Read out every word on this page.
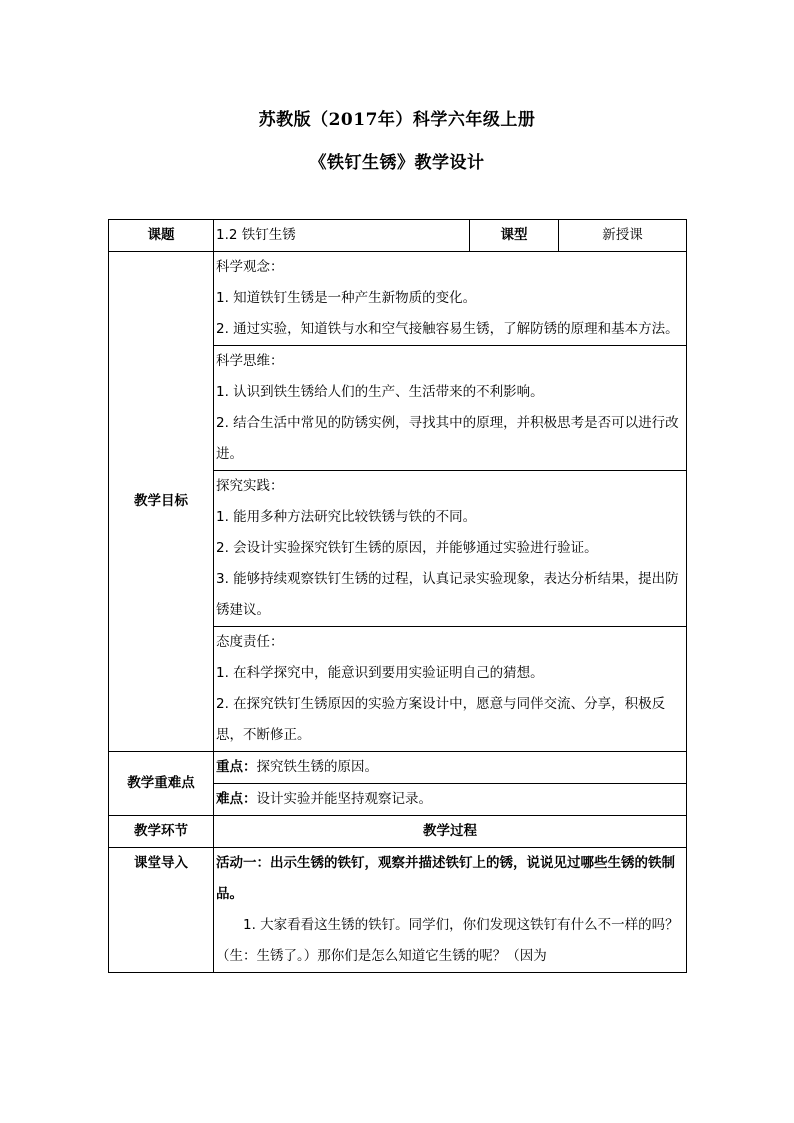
苏教版（2017年）科学六年级上册
《铁钉生锈》教学设计
课题	1.2 铁钉生锈	课型	新授课
教学目标	科学观念：
1. 知道铁钉生锈是一种产生新物质的变化。
2. 通过实验，知道铁与水和空气接触容易生锈，了解防锈的原理和基本方法。		

	科学思维：
1. 认识到铁生锈给人们的生产、生活带来的不利影响。
2. 结合生活中常见的防锈实例，寻找其中的原理，并积极思考是否可以进行改进。		

	探究实践：
1. 能用多种方法研究比较铁锈与铁的不同。
2. 会设计实验探究铁钉生锈的原因，并能够通过实验进行验证。
3. 能够持续观察铁钉生锈的过程，认真记录实验现象，表达分析结果，提出防锈建议。		

	态度责任：
1. 在科学探究中，能意识到要用实验证明自己的猜想。
2. 在探究铁钉生锈原因的实验方案设计中，愿意与同伴交流、分享，积极反思，不断修正。		

教学重难点	重点：探究铁生锈的原因。		
	难点：设计实验并能坚持观察记录。		
教学环节	教学过程		
课堂导入	活动一：出示生锈的铁钉，观察并描述铁钉上的锈，说说见过哪些生锈的铁制品。
1. 大家看看这生锈的铁钉。同学们，你们发现这铁钉有什么不一样的吗？（生：生锈了。）那你们是怎么知道它生锈的呢？（因为		
